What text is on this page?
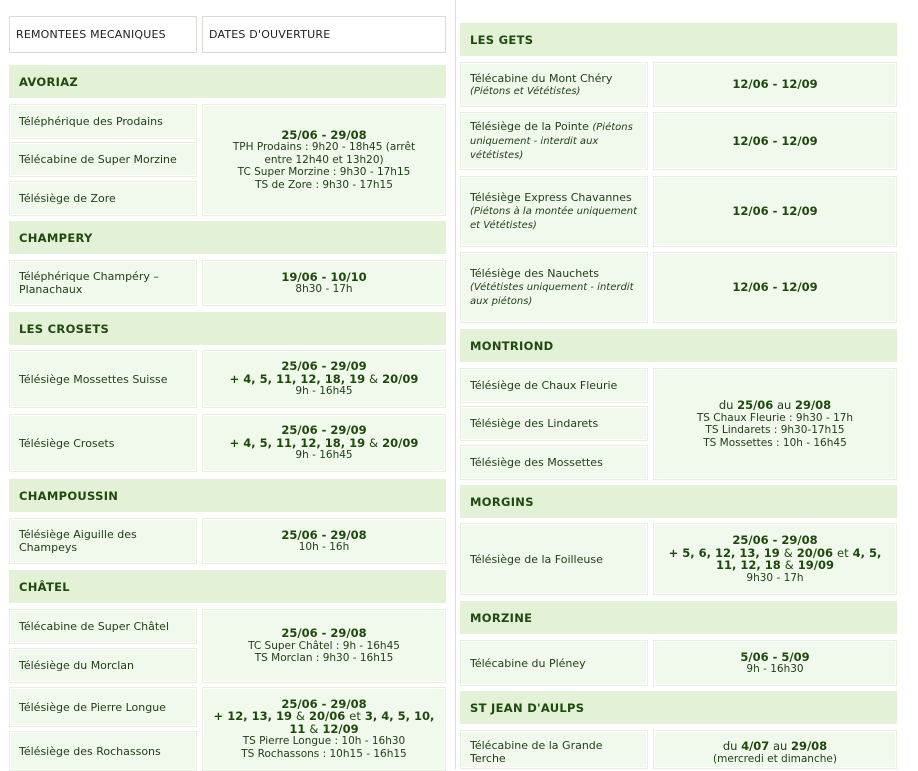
REMONTEES MECANIQUES	DATES D'OUVERTURE
AVORIAZ
Téléphérique des Prodains
Télécabine de Super Morzine
Télésiège de Zore
25/06 - 29/08
TPH Prodains : 9h20 - 18h45 (arrêt
entre 12h40 et 13h20)
TC Super Morzine : 9h30 - 17h15
TS de Zore : 9h30 - 17h15
CHAMPERY
Téléphérique Champéry – Planachaux
19/06 - 10/10
8h30 - 17h
LES CROSETS
Télésiège Mossettes Suisse
25/06 - 29/09
+ 4, 5, 11, 12, 18, 19 & 20/09
9h - 16h45
Télésiège Crosets
25/06 - 29/09
+ 4, 5, 11, 12, 18, 19 & 20/09
9h - 16h45
CHAMPOUSSIN
Télésiège Aiguille des Champeys
25/06 - 29/08
10h - 16h
CHÂTEL
Télécabine de Super Châtel
Télésiège du Morclan
25/06 - 29/08
TC Super Châtel : 9h - 16h45
TS Morclan : 9h30 - 16h15
Télésiège de Pierre Longue
Télésiège des Rochassons
25/06 - 29/08
+ 12, 13, 19 & 20/06 et 3, 4, 5, 10,
11 & 12/09
TS Pierre Longue : 10h - 16h30
TS Rochassons : 10h15 - 16h15
LES GETS
Télécabine du Mont Chéry
(Piétons et Vététistes)	12/06 - 12/09
Télésiège de la Pointe (Piétons uniquement - interdit aux vététistes)
12/06 - 12/09
Télésiège Express Chavannes (Piétons à la montée uniquement et Vététistes)
12/06 - 12/09
Télésiège des Nauchets (Vététistes uniquement - interdit aux piétons)
12/06 - 12/09
MONTRIOND
Télésiège de Chaux Fleurie
Télésiège des Lindarets
Télésiège des Mossettes
du 25/06 au 29/08
TS Chaux Fleurie : 9h30 - 17h
TS Lindarets : 9h30-17h15
TS Mossettes : 10h - 16h45
MORGINS
Télésiège de la Foilleuse
25/06 - 29/08
+ 5, 6, 12, 13, 19 & 20/06 et 4, 5,
11, 12, 18 & 19/09
9h30 - 17h
MORZINE
Télécabine du Pléney	5/06 - 5/09
9h - 16h30
ST JEAN D'AULPS
Télécabine de la Grande Terche
du 4/07 au 29/08
(mercredi et dimanche)
